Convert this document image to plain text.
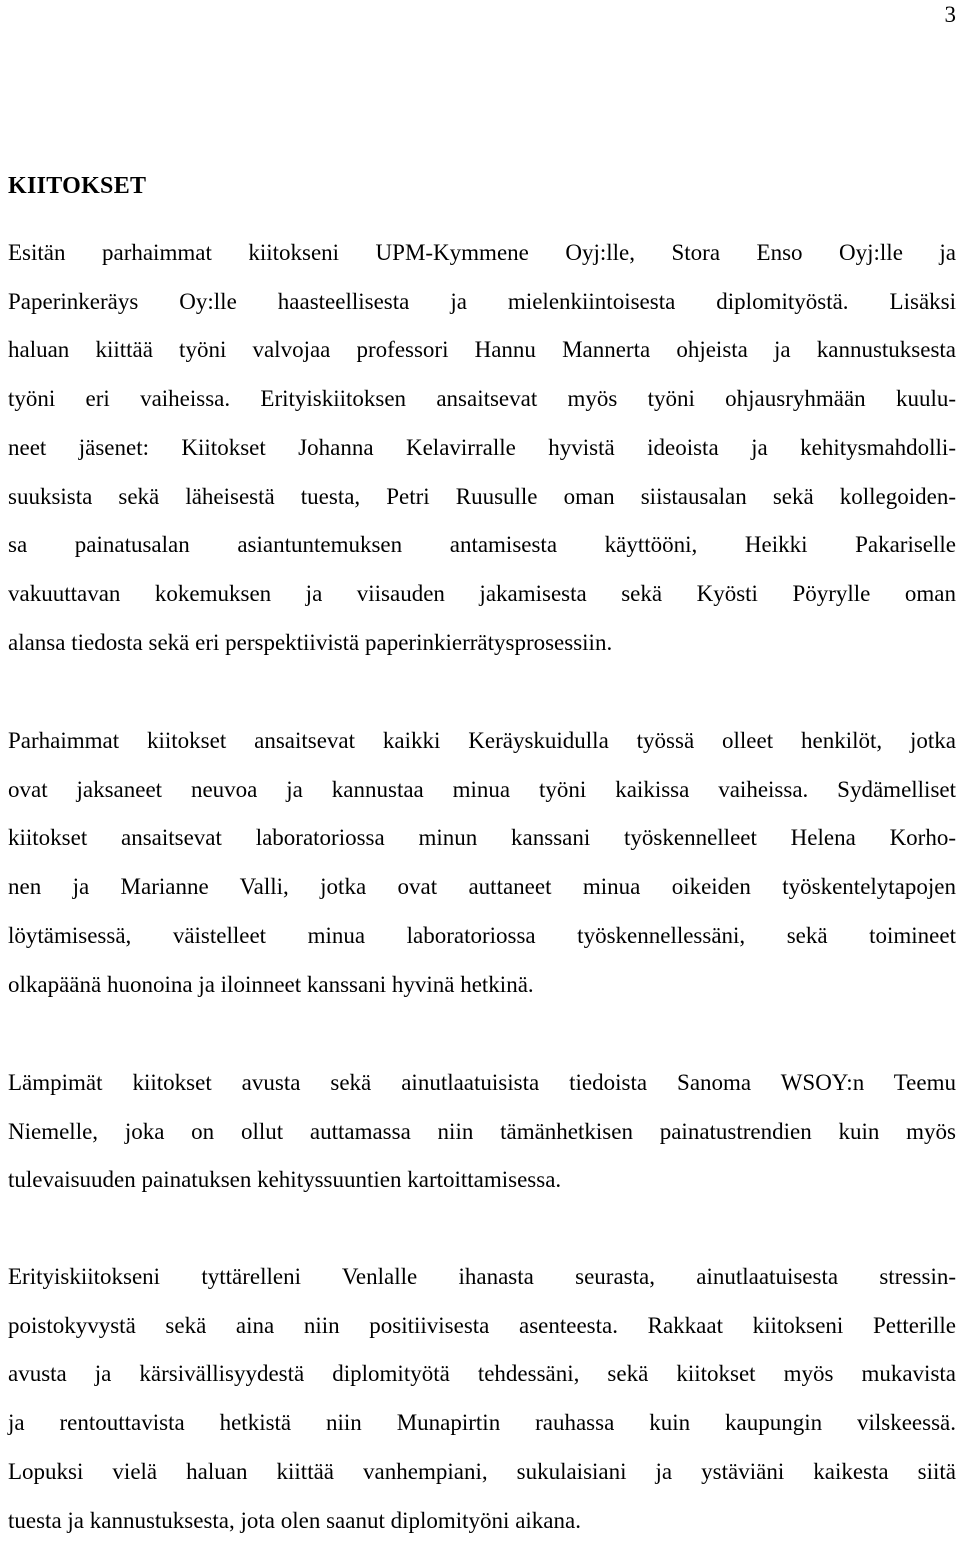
3
KIITOKSET

Esitän parhaimmat kiitokseni UPM-Kymmene Oyj:lle, Stora Enso Oyj:lle ja
Paperinkeräys Oy:lle haasteellisesta ja mielenkiintoisesta diplomityöstä. Lisäksi
haluan kiittää työni valvojaa professori Hannu Mannerta ohjeista ja kannustuksesta
työni eri vaiheissa. Erityiskiitoksen ansaitsevat myös työni ohjausryhmään kuulu-
neet jäsenet: Kiitokset Johanna Kelavirralle hyvistä ideoista ja kehitysmahdolli-
suuksista sekä läheisestä tuesta, Petri Ruusulle oman siistausalan sekä kollegoiden-
sa painatusalan asiantuntemuksen antamisesta käyttööni, Heikki Pakariselle
vakuuttavan kokemuksen ja viisauden jakamisesta sekä Kyösti Pöyrylle oman
alansa tiedosta sekä eri perspektiivistä paperinkierrätysprosessiin.

Parhaimmat kiitokset ansaitsevat kaikki Keräyskuidulla työssä olleet henkilöt, jotka
ovat jaksaneet neuvoa ja kannustaa minua työni kaikissa vaiheissa. Sydämelliset
kiitokset ansaitsevat laboratoriossa minun kanssani työskennelleet Helena Korho-
nen ja Marianne Valli, jotka ovat auttaneet minua oikeiden työskentelytapojen
löytämisessä, väistelleet minua laboratoriossa työskennellessäni, sekä toimineet
olkapäänä huonoina ja iloinneet kanssani hyvinä hetkinä.

Lämpimät kiitokset avusta sekä ainutlaatuisista tiedoista Sanoma WSOY:n Teemu
Niemelle, joka on ollut auttamassa niin tämänhetkisen painatustrendien kuin myös
tulevaisuuden painatuksen kehityssuuntien kartoittamisessa.

Erityiskiitokseni tyttärelleni Venlalle ihanasta seurasta, ainutlaatuisesta stressin-
poistokyvystä sekä aina niin positiivisesta asenteesta. Rakkaat kiitokseni Petterille
avusta ja kärsivällisyydestä diplomityötä tehdessäni, sekä kiitokset myös mukavista
ja rentouttavista hetkistä niin Munapirtin rauhassa kuin kaupungin vilskeessä.
Lopuksi vielä haluan kiittää vanhempiani, sukulaisiani ja ystäviäni kaikesta siitä
tuesta ja kannustuksesta, jota olen saanut diplomityöni aikana.
